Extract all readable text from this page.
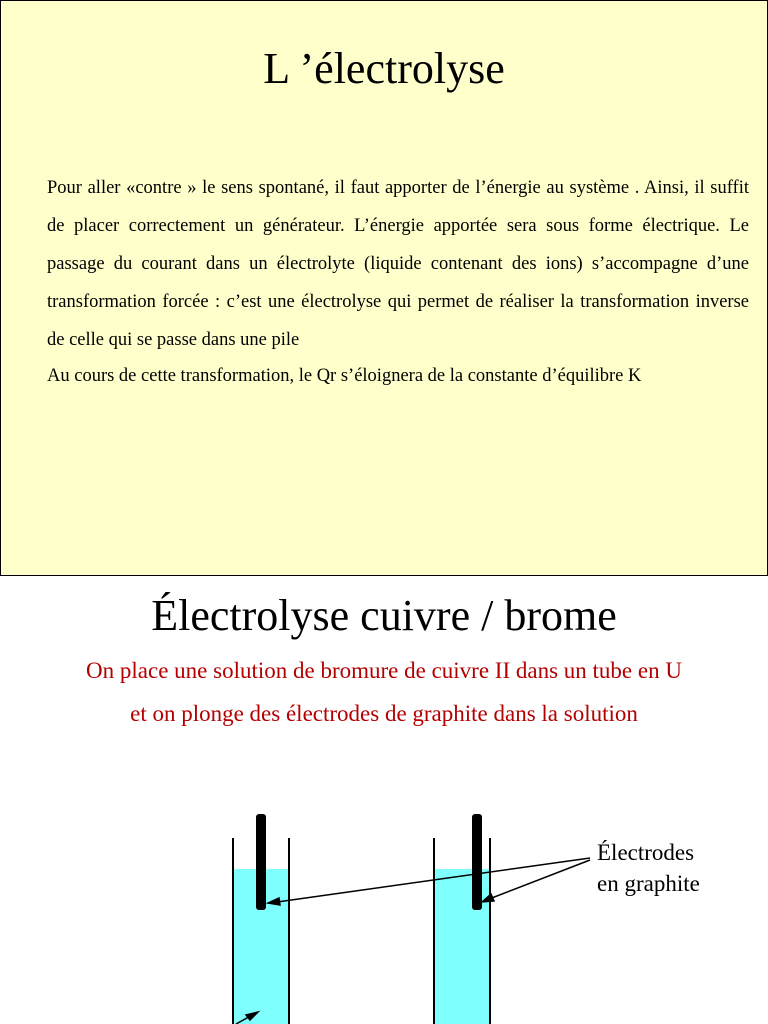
L ’électrolyse

Pour aller «contre » le sens spontané, il faut apporter de l’énergie au système . Ainsi, il suffit de placer correctement un générateur. L’énergie apportée sera sous forme électrique. Le passage du courant dans un électrolyte (liquide contenant des ions) s’accompagne d’une transformation forcée : c’est une électrolyse qui permet de réaliser la transformation inverse de celle qui se passe dans une pile

Au cours de cette transformation, le Qr s’éloignera de la constante d’équilibre K

Électrolyse cuivre / brome
On place une solution de bromure de cuivre II dans un tube en U
et on plonge des électrodes de graphite dans la solution
Électrodes
en graphite
